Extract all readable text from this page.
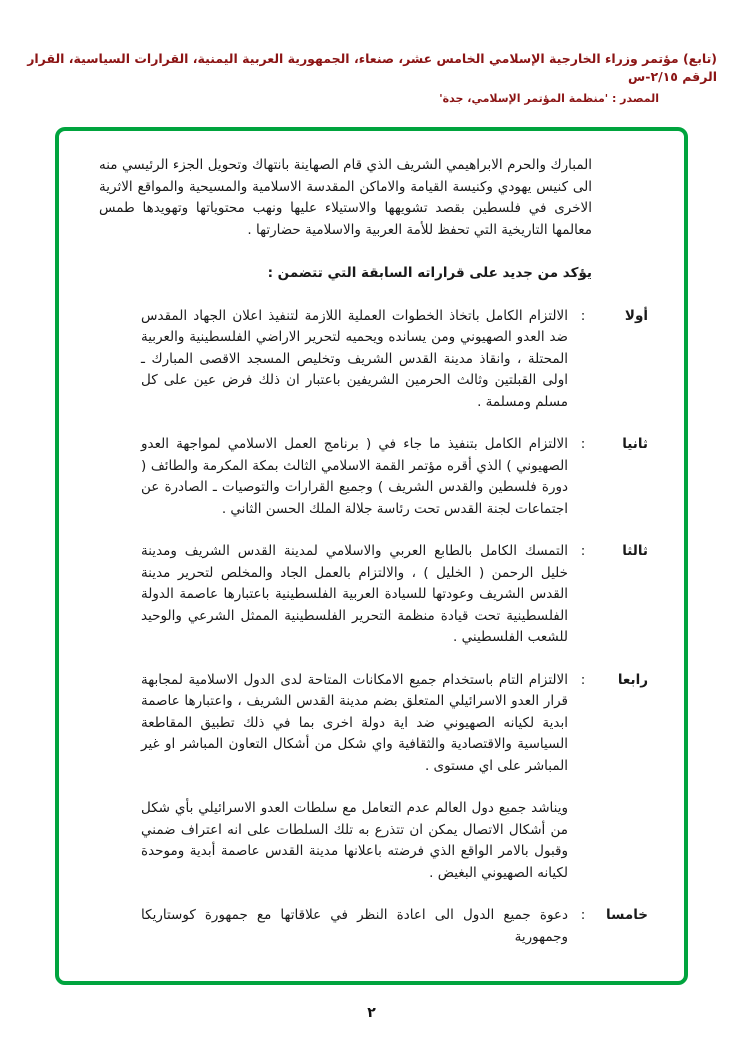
(تابع) مؤتمر وزراء الخارجية الإسلامي الخامس عشر، صنعاء، الجمهورية العربية اليمنية، القرارات السياسية، القرار الرقم ٢/١٥-س
المصدر : 'منظمة المؤتمر الإسلامي، جدة'

المبارك والحرم الابراهيمي الشريف الذي قام الصهاينة بانتهاك وتحويل الجزء الرئيسي منه الى كنيس يهودي وكنيسة القيامة والاماكن المقدسة الاسلامية والمسيحية والمواقع الاثرية الاخرى في فلسطين بقصد تشويهها والاستيلاء عليها ونهب محتوياتها وتهويدها طمس معالمها التاريخية التي تحفظ للأمة العربية والاسلامية حضارتها .

يؤكد من جديد على قراراته السابقة التي تتضمن :

أولا
:
الالتزام الكامل باتخاذ الخطوات العملية اللازمة لتنفيذ اعلان الجهاد المقدس ضد العدو الصهيوني ومن يسانده ويحميه لتحرير الاراضي الفلسطينية والعربية المحتلة ، وانقاذ مدينة القدس الشريف وتخليص المسجد الاقصى المبارك ـ اولى القبلتين وثالث الحرمين الشريفين باعتبار ان ذلك فرض عين على كل مسلم ومسلمة .
ثانيا
:
الالتزام الكامل بتنفيذ ما جاء في ( برنامج العمل الاسلامي لمواجهة العدو الصهيوني ) الذي أقره مؤتمر القمة الاسلامي الثالث بمكة المكرمة والطائف ( دورة فلسطين والقدس الشريف ) وجميع القرارات والتوصيات ـ الصادرة عن اجتماعات لجنة القدس تحت رئاسة جلالة الملك الحسن الثاني .
ثالثا
:
التمسك الكامل بالطابع العربي والاسلامي لمدينة القدس الشريف ومدينة خليل الرحمن ( الخليل ) ، والالتزام بالعمل الجاد والمخلص لتحرير مدينة القدس الشريف وعودتها للسيادة العربية الفلسطينية باعتبارها عاصمة الدولة الفلسطينية تحت قيادة منظمة التحرير الفلسطينية الممثل الشرعي والوحيد للشعب الفلسطيني .
رابعا
:
الالتزام التام باستخدام جميع الامكانات المتاحة لدى الدول الاسلامية لمجابهة قرار العدو الاسرائيلي المتعلق بضم مدينة القدس الشريف ، واعتبارها عاصمة ابدية لكيانه الصهيوني ضد اية دولة اخرى بما في ذلك تطبيق المقاطعة السياسية والاقتصادية والثقافية واي شكل من أشكال التعاون المباشر او غير المباشر على اي مستوى .

ويناشد جميع دول العالم عدم التعامل مع سلطات العدو الاسرائيلي بأي شكل من أشكال الاتصال يمكن ان تتذرع به تلك السلطات على انه اعتراف ضمني وقبول بالامر الواقع الذي فرضته باعلانها مدينة القدس عاصمة أبدية وموحدة لكيانه الصهيوني البغيض .

خامسا
:
دعوة جميع الدول الى اعادة النظر في علاقاتها مع جمهورة كوستاريكا وجمهورية
٢
